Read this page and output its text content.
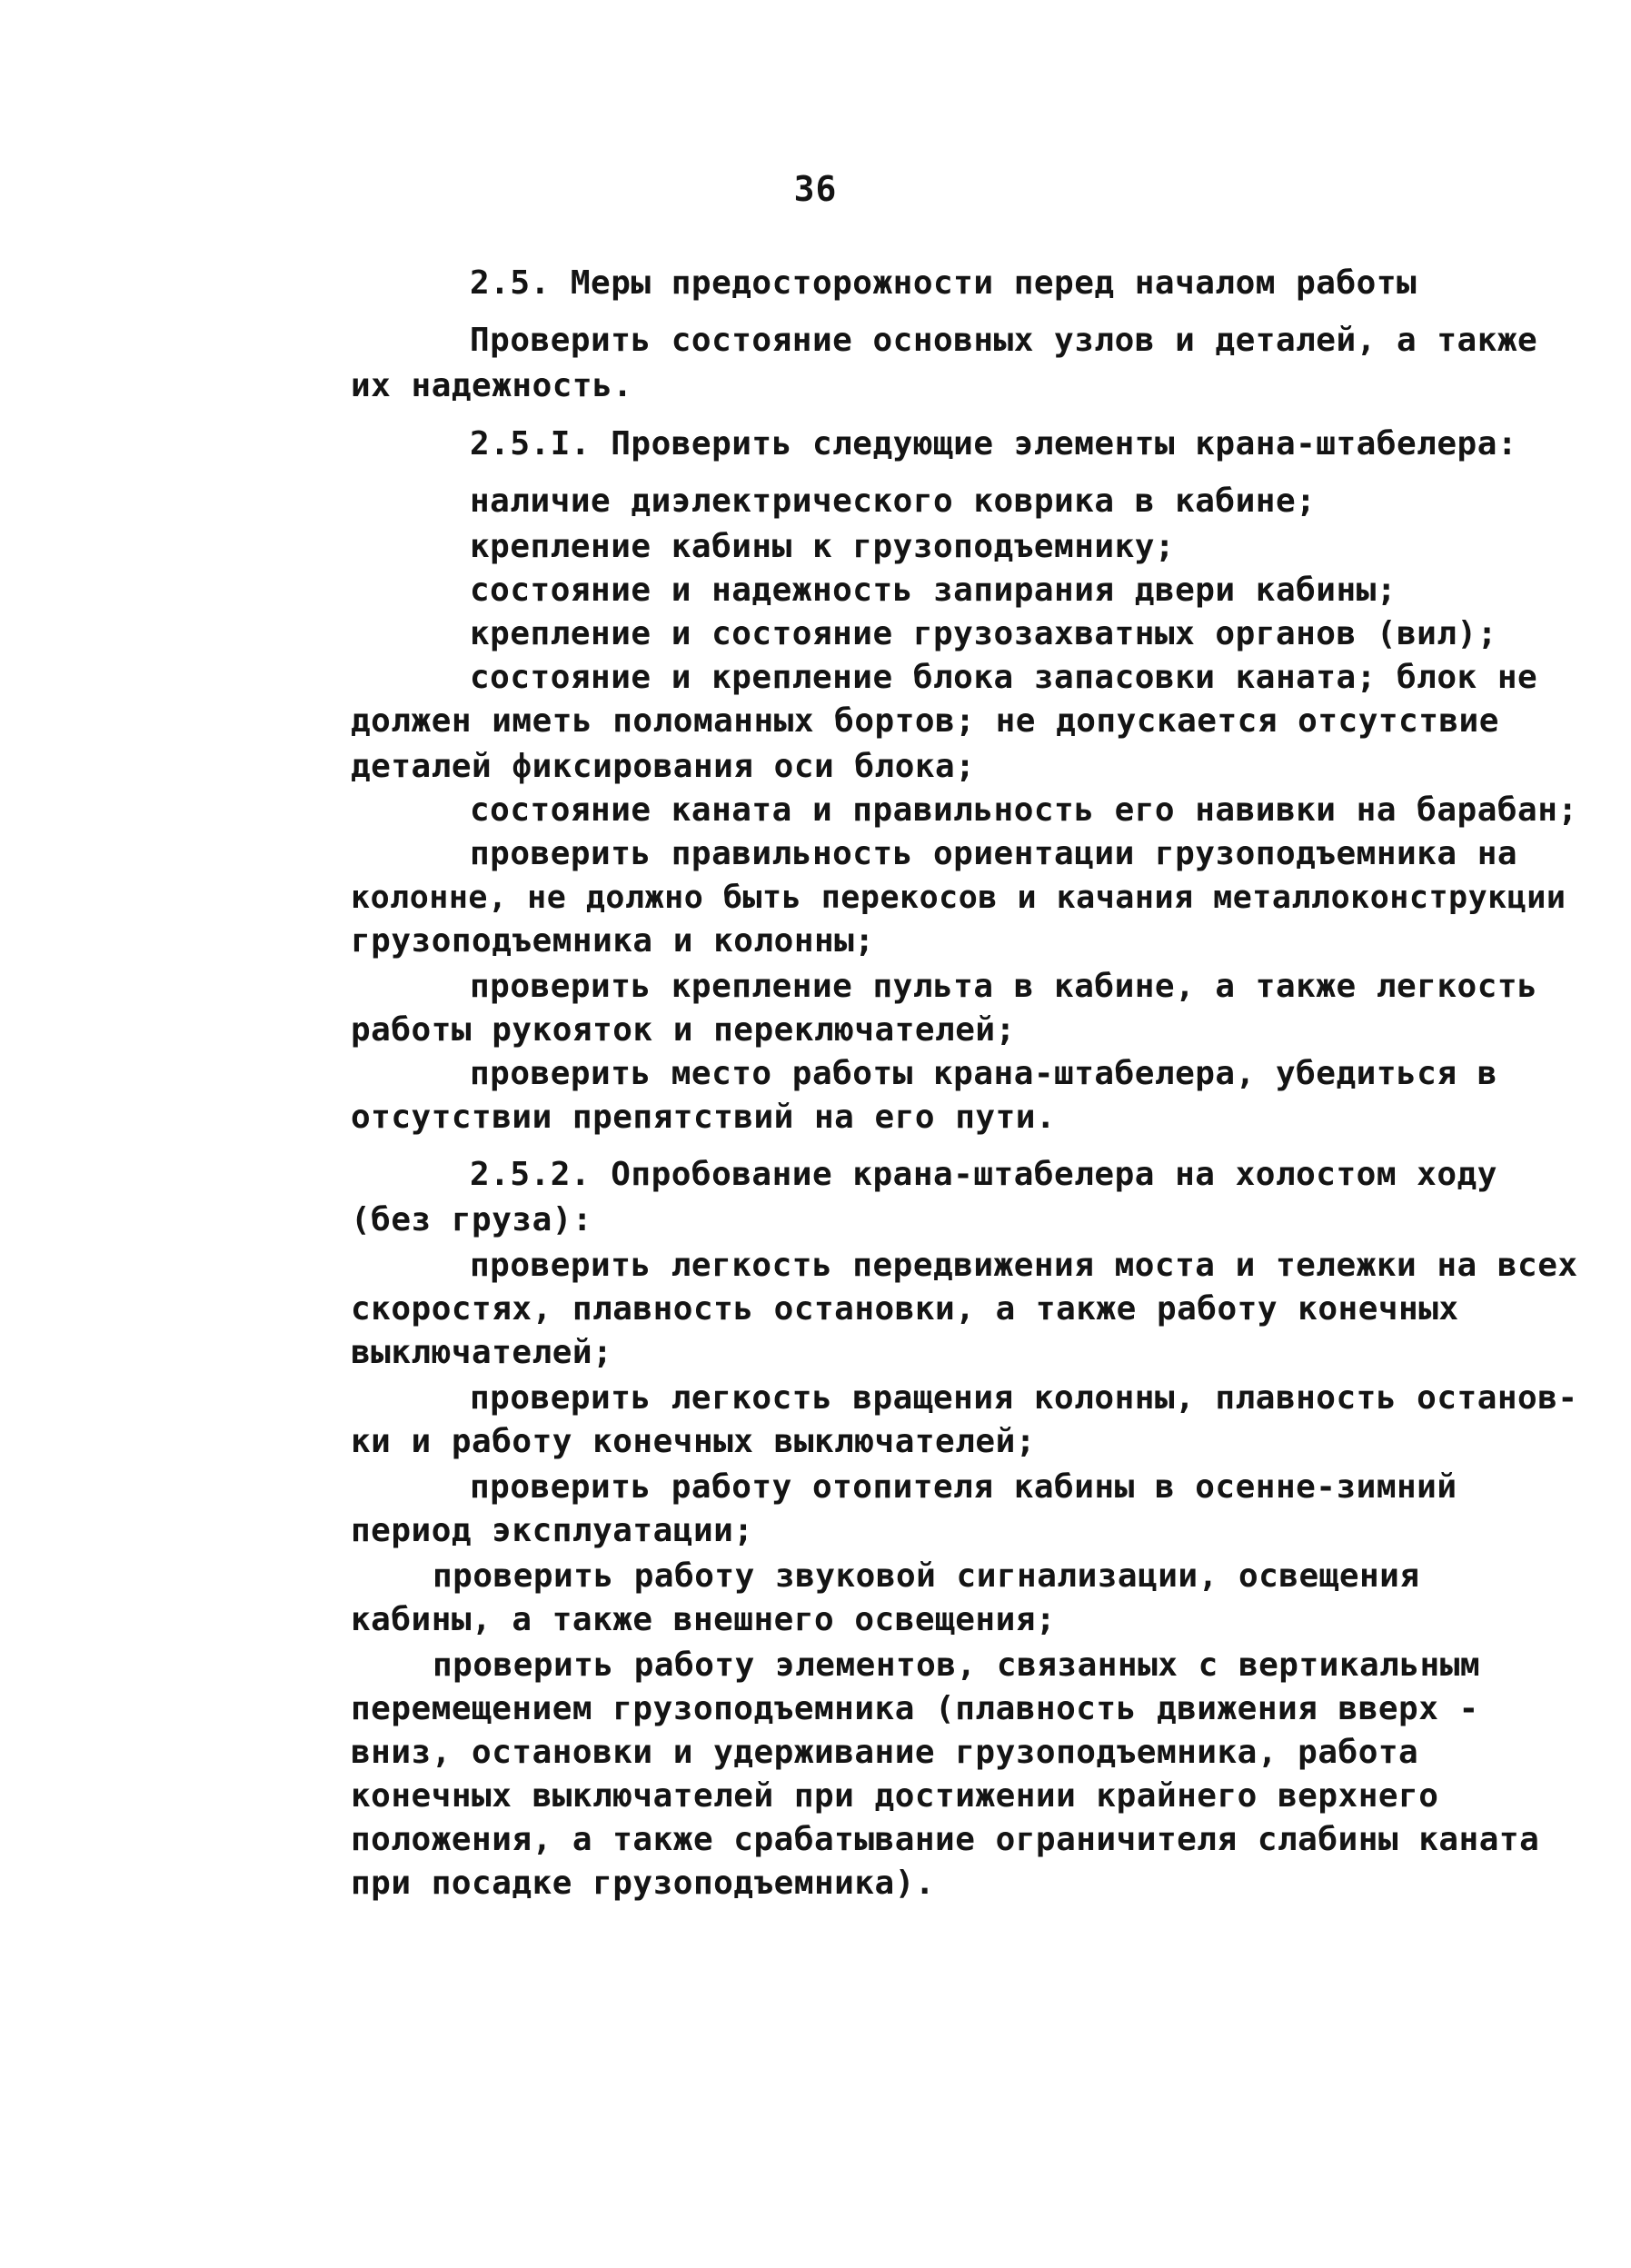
36
2.5. Меры предосторожности перед началом работы
Проверить состояние основных узлов и деталей, а также
их надежность.
2.5.I. Проверить следующие элементы крана-штабелера:
наличие диэлектрического коврика в кабине;
крепление кабины к грузоподъемнику;
состояние и надежность запирания двери кабины;
крепление и состояние грузозахватных органов (вил);
состояние и крепление блока запасовки каната; блок не
должен иметь поломанных бортов; не допускается отсутствие
деталей фиксирования оси блока;
состояние каната и правильность его навивки на барабан;
проверить правильность ориентации грузоподъемника на
колонне, не должно быть перекосов и качания металлоконструкции
грузоподъемника и колонны;
проверить крепление пульта в кабине, а также легкость
работы рукояток и переключателей;
проверить место работы крана-штабелера, убедиться в
отсутствии препятствий на его пути.
2.5.2. Опробование крана-штабелера на холостом ходу
(без груза):
проверить легкость передвижения моста и тележки на всех
скоростях, плавность остановки, а также работу конечных
выключателей;
проверить легкость вращения колонны, плавность останов-
ки и работу конечных выключателей;
проверить работу отопителя кабины в осенне-зимний
период эксплуатации;
проверить работу звуковой сигнализации, освещения
кабины, а также внешнего освещения;
проверить работу элементов, связанных с вертикальным
перемещением грузоподъемника (плавность движения вверх -
вниз, остановки и удерживание грузоподъемника, работа
конечных выключателей при достижении крайнего верхнего
положения, а также срабатывание ограничителя слабины каната
при посадке грузоподъемника).
